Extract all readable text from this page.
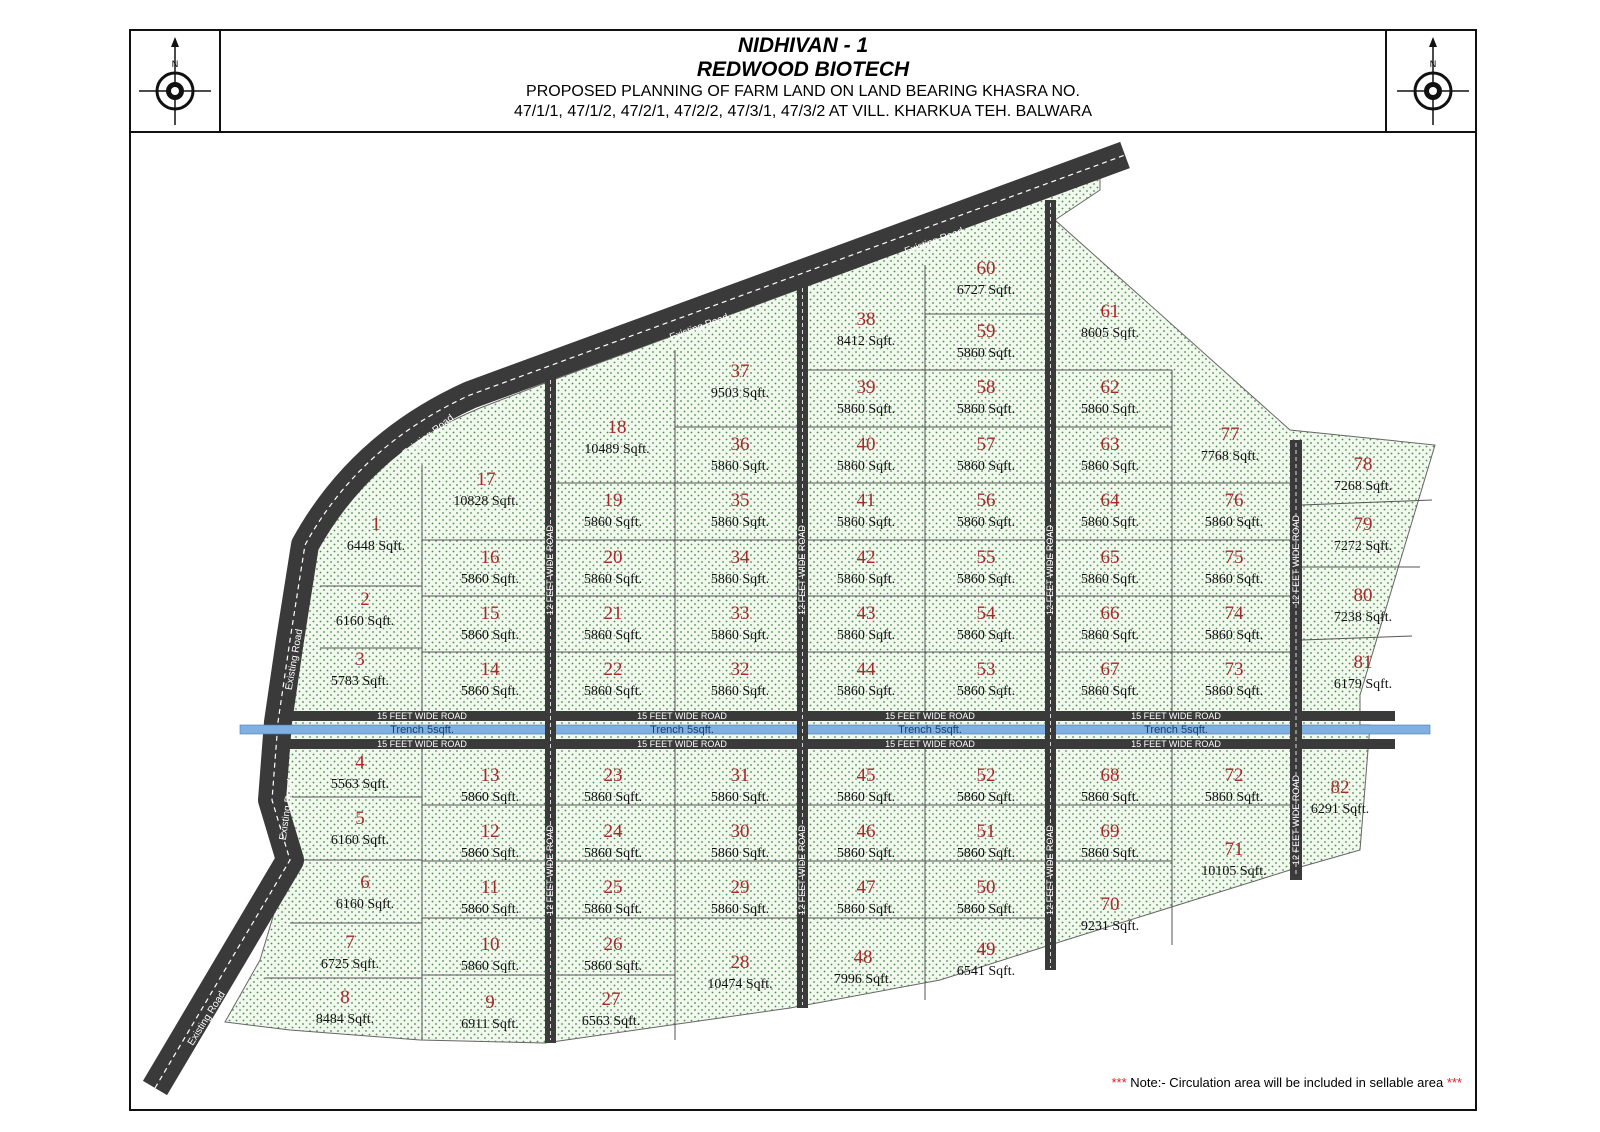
1
6448 Sqft.
2
6160 Sqft.
3
5783 Sqft.
4
5563 Sqft.
5
6160 Sqft.
6
6160 Sqft.
7
6725 Sqft.
8
8484 Sqft.
9
6911 Sqft.
10
5860 Sqft.
11
5860 Sqft.
12
5860 Sqft.
13
5860 Sqft.
14
5860 Sqft.
15
5860 Sqft.
16
5860 Sqft.
17
10828 Sqft.
18
10489 Sqft.
19
5860 Sqft.
20
5860 Sqft.
21
5860 Sqft.
22
5860 Sqft.
23
5860 Sqft.
24
5860 Sqft.
25
5860 Sqft.
26
5860 Sqft.
27
6563 Sqft.
28
10474 Sqft.
29
5860 Sqft.
30
5860 Sqft.
31
5860 Sqft.
32
5860 Sqft.
33
5860 Sqft.
34
5860 Sqft.
35
5860 Sqft.
36
5860 Sqft.
37
9503 Sqft.
38
8412 Sqft.
39
5860 Sqft.
40
5860 Sqft.
41
5860 Sqft.
42
5860 Sqft.
43
5860 Sqft.
44
5860 Sqft.
45
5860 Sqft.
46
5860 Sqft.
47
5860 Sqft.
48
7996 Sqft.
49
6541 Sqft.
50
5860 Sqft.
51
5860 Sqft.
52
5860 Sqft.
53
5860 Sqft.
54
5860 Sqft.
55
5860 Sqft.
56
5860 Sqft.
57
5860 Sqft.
58
5860 Sqft.
59
5860 Sqft.
60
6727 Sqft.
61
8605 Sqft.
62
5860 Sqft.
63
5860 Sqft.
64
5860 Sqft.
65
5860 Sqft.
66
5860 Sqft.
67
5860 Sqft.
68
5860 Sqft.
69
5860 Sqft.
70
9231 Sqft.
71
10105 Sqft.
72
5860 Sqft.
73
5860 Sqft.
74
5860 Sqft.
75
5860 Sqft.
76
5860 Sqft.
77
7768 Sqft.	78
7268 Sqft.
79
7272 Sqft.
80
7238 Sqft.
81
6179 Sqft.
82
6291 Sqft.
15 FEET WIDE ROAD
15 FEET WIDE ROAD
Trench 5sqft.
15 FEET WIDE ROAD
15 FEET WIDE ROAD
Trench 5sqft.
15 FEET WIDE ROAD
15 FEET WIDE ROAD
Trench 5sqft.
15 FEET WIDE ROAD
15 FEET WIDE ROAD
Trench 5sqft.
12 FEET WIDE ROAD
12 FEET WIDE ROAD
12 FEET WIDE ROAD
12 FEET WIDE ROAD
12 FEET WIDE ROAD
12 FEET WIDE ROAD
12 FEET WIDE ROAD
12 FEET WIDE ROAD
Existing Road
Existing Road
Existing Road
Existing Road
Existing Road
Existing Road
N
NIDHIVAN - 1
REDWOOD BIOTECH
PROPOSED PLANNING OF FARM LAND ON LAND BEARING KHASRA NO.
47/1/1, 47/1/2, 47/2/1, 47/2/2, 47/3/1, 47/3/2 AT VILL. KHARKUA TEH. BALWARA
N
*** Note:- Circulation area will be included in sellable area ***
